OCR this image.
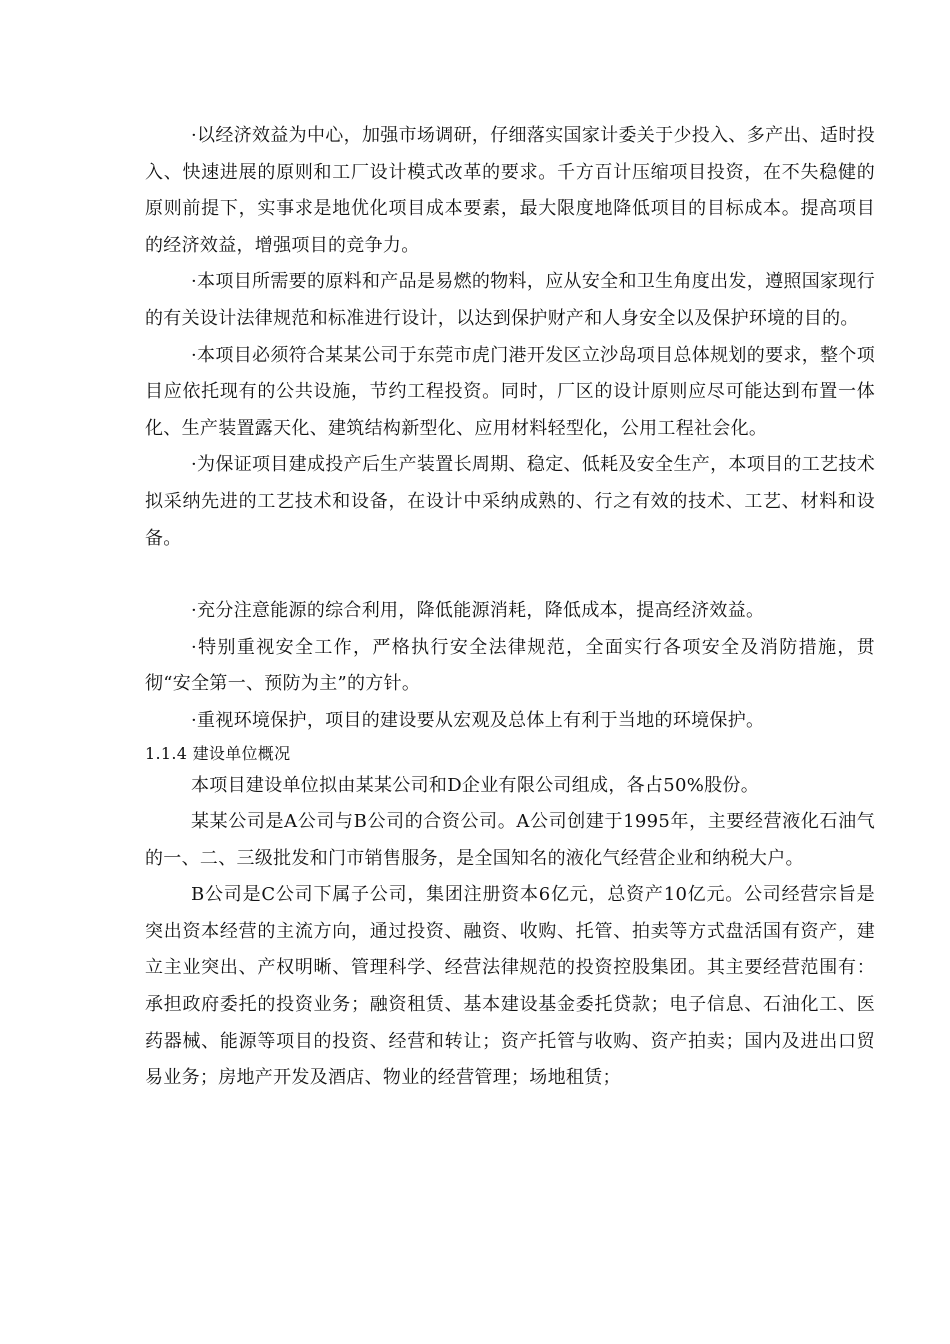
·以经济效益为中心，加强市场调研，仔细落实国家计委关于少投入、多产出、适时投入、快速进展的原则和工厂设计模式改革的要求。千方百计压缩项目投资，在不失稳健的原则前提下，实事求是地优化项目成本要素，最大限度地降低项目的目标成本。提高项目的经济效益，增强项目的竞争力。

·本项目所需要的原料和产品是易燃的物料，应从安全和卫生角度出发，遵照国家现行的有关设计法律规范和标准进行设计，以达到保护财产和人身安全以及保护环境的目的。

·本项目必须符合某某公司于东莞市虎门港开发区立沙岛项目总体规划的要求，整个项目应依托现有的公共设施，节约工程投资。同时，厂区的设计原则应尽可能达到布置一体化、生产装置露天化、建筑结构新型化、应用材料轻型化，公用工程社会化。

·为保证项目建成投产后生产装置长周期、稳定、低耗及安全生产，本项目的工艺技术拟采纳先进的工艺技术和设备，在设计中采纳成熟的、行之有效的技术、工艺、材料和设备。

·充分注意能源的综合利用，降低能源消耗，降低成本，提高经济效益。

·特别重视安全工作，严格执行安全法律规范，全面实行各项安全及消防措施，贯彻“安全第一、预防为主”的方针。

·重视环境保护，项目的建设要从宏观及总体上有利于当地的环境保护。

1.1.4 建设单位概况

本项目建设单位拟由某某公司和D企业有限公司组成，各占50%股份。

某某公司是A公司与B公司的合资公司。A公司创建于1995年，主要经营液化石油气的一、二、三级批发和门市销售服务，是全国知名的液化气经营企业和纳税大户。

B公司是C公司下属子公司，集团注册资本6亿元，总资产10亿元。公司经营宗旨是突出资本经营的主流方向，通过投资、融资、收购、托管、拍卖等方式盘活国有资产，建立主业突出、产权明晰、管理科学、经营法律规范的投资控股集团。其主要经营范围有：承担政府委托的投资业务；融资租赁、基本建设基金委托贷款；电子信息、石油化工、医药器械、能源等项目的投资、经营和转让；资产托管与收购、资产拍卖；国内及进出口贸易业务；房地产开发及酒店、物业的经营管理；场地租赁；
